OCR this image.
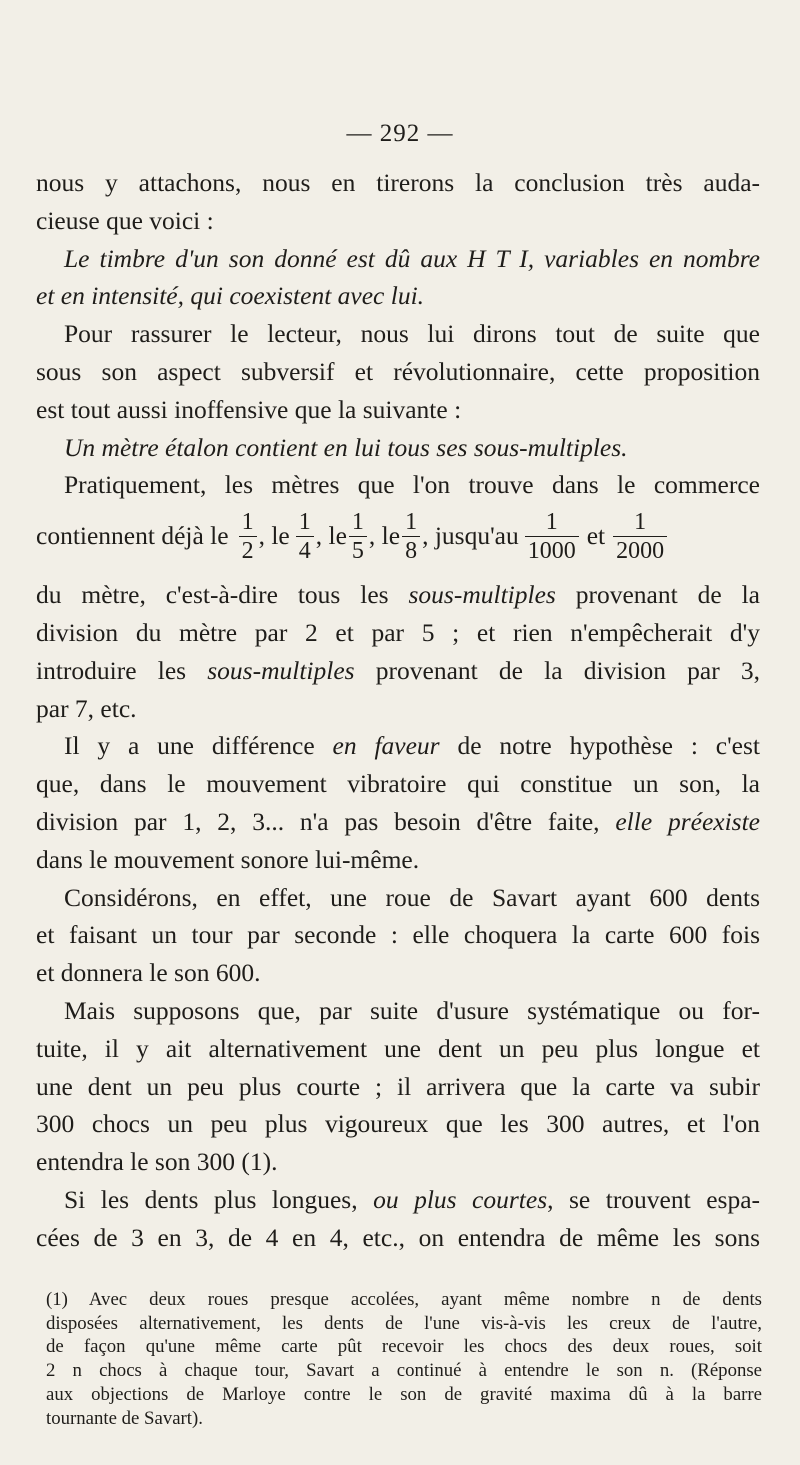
— 292 —
nous y attachons, nous en tirerons la conclusion très auda-
cieuse que voici :
Le timbre d'un son donné est dû aux H T I, variables en nombre
et en intensité, qui coexistent avec lui.
Pour rassurer le lecteur, nous lui dirons tout de suite que
sous son aspect subversif et révolutionnaire, cette proposition
est tout aussi inoffensive que la suivante :
Un mètre étalon contient en lui tous ses sous-multiples.
Pratiquement, les mètres que l'on trouve dans le commerce
contiennent déjà le $\frac{1}{2}$ , le $\frac{1}{4}$ , le $\frac{1}{5}$ , le $\frac{1}{8}$ , jusqu'au $\frac{1}{1000}$ et $\frac{1}{2000}$
du mètre, c'est-à-dire tous les sous-multiples provenant de la
division du mètre par 2 et par 5 ; et rien n'empêcherait d'y
introduire les sous-multiples provenant de la division par 3,
par 7, etc.
Il y a une différence en faveur de notre hypothèse : c'est
que, dans le mouvement vibratoire qui constitue un son, la
division par 1, 2, 3... n'a pas besoin d'être faite, elle préexiste
dans le mouvement sonore lui-même.
Considérons, en effet, une roue de Savart ayant 600 dents
et faisant un tour par seconde : elle choquera la carte 600 fois
et donnera le son 600.
Mais supposons que, par suite d'usure systématique ou for-
tuite, il y ait alternativement une dent un peu plus longue et
une dent un peu plus courte ; il arrivera que la carte va subir
300 chocs un peu plus vigoureux que les 300 autres, et l'on
entendra le son 300 (1).
Si les dents plus longues, ou plus courtes, se trouvent espa-
cées de 3 en 3, de 4 en 4, etc., on entendra de même les sons
(1) Avec deux roues presque accolées, ayant même nombre n de dents
disposées alternativement, les dents de l'une vis-à-vis les creux de l'autre,
de façon qu'une même carte pût recevoir les chocs des deux roues, soit
2 n chocs à chaque tour, Savart a continué à entendre le son n. (Réponse
aux objections de Marloye contre le son de gravité maxima dû à la barre
tournante de Savart).
